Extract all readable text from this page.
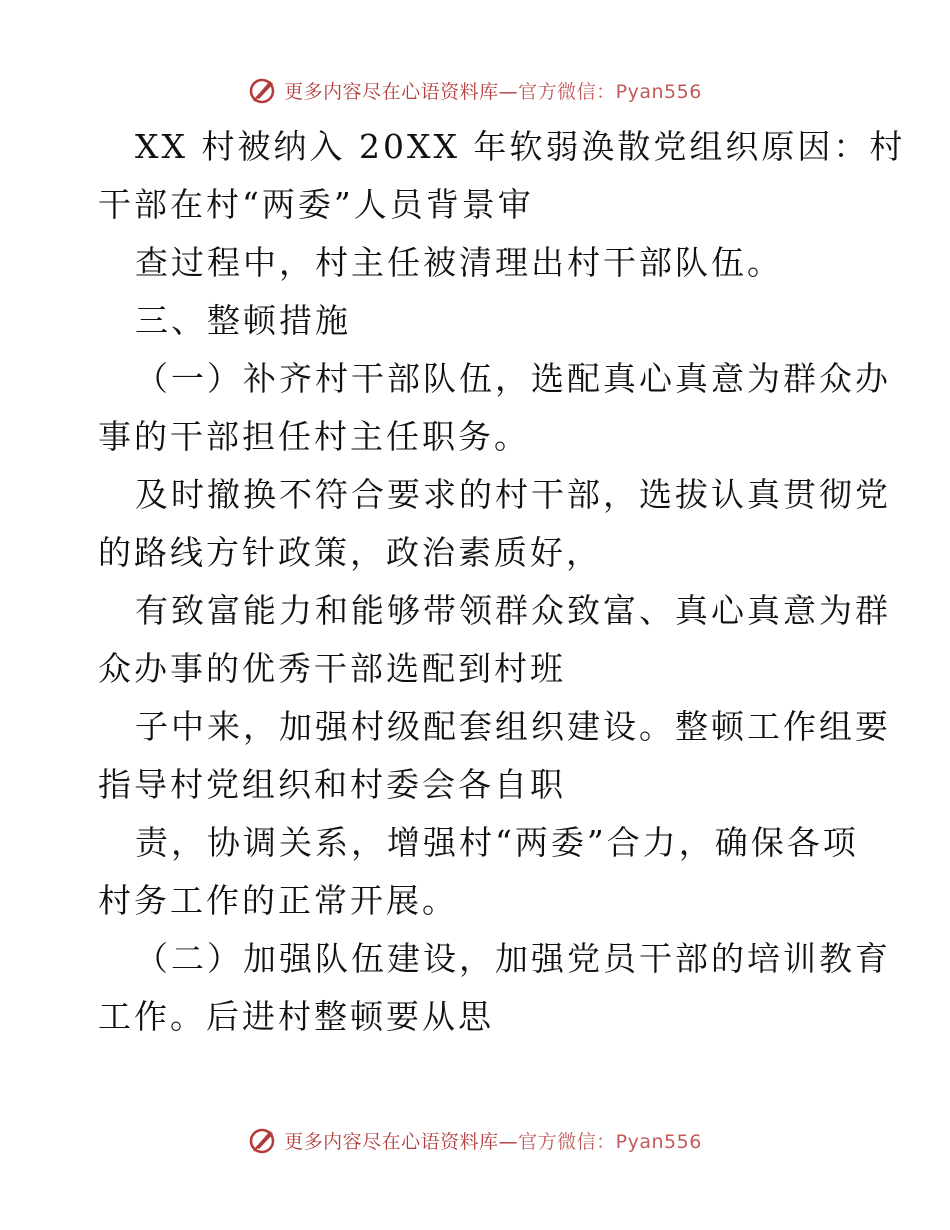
更多内容尽在心语资料库—官方微信：Pyan556
XX 村被纳入 20XX 年软弱涣散党组织原因：村
干部在村“两委”人员背景审
查过程中，村主任被清理出村干部队伍。
三、整顿措施
（一）补齐村干部队伍，选配真心真意为群众办
事的干部担任村主任职务。
及时撤换不符合要求的村干部，选拔认真贯彻党
的路线方针政策，政治素质好，
有致富能力和能够带领群众致富、真心真意为群
众办事的优秀干部选配到村班
子中来，加强村级配套组织建设。整顿工作组要
指导村党组织和村委会各自职
责，协调关系，增强村“两委”合力，确保各项
村务工作的正常开展。
（二）加强队伍建设，加强党员干部的培训教育
工作。后进村整顿要从思
更多内容尽在心语资料库—官方微信：Pyan556
